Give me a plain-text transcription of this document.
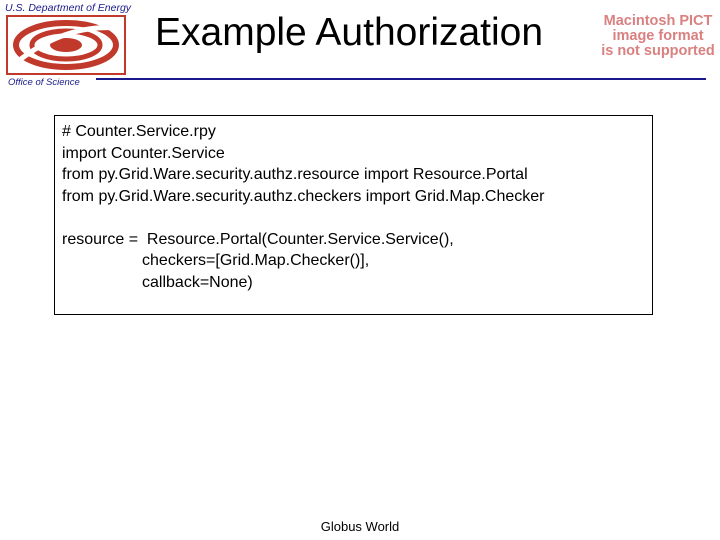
U.S. Department of Energy
Office of Science
Example Authorization	Macintosh PICT
image format
is not supported
# Counter.Service.rpy
import Counter.Service
from py.Grid.Ware.security.authz.resource import Resource.Portal
from py.Grid.Ware.security.authz.checkers import Grid.Map.Checker
resource =  Resource.Portal(Counter.Service.Service(),
checkers=[Grid.Map.Checker()],
callback=None)
Globus World
